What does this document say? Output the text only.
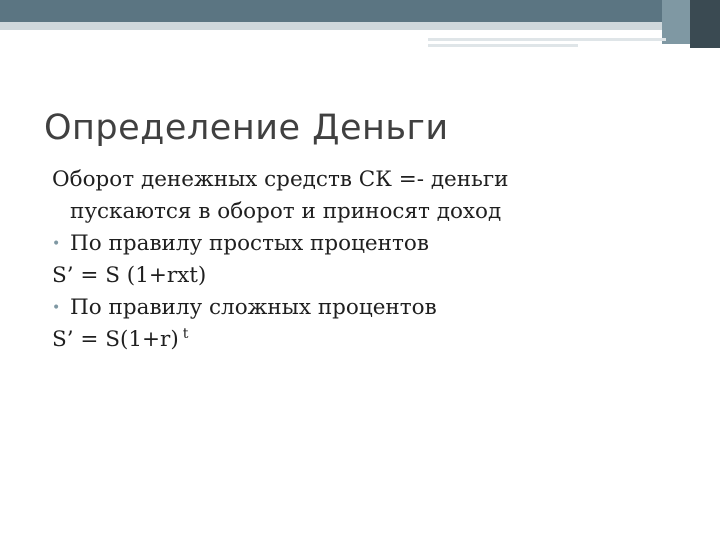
Определение Деньги
Оборот денежных средств СК =- деньги
пускаются в оборот и приносят доход
• По правилу простых процентов
S’ = S (1+rxt)
• По правилу сложных процентов
S’ = S(1+r) $^t$
